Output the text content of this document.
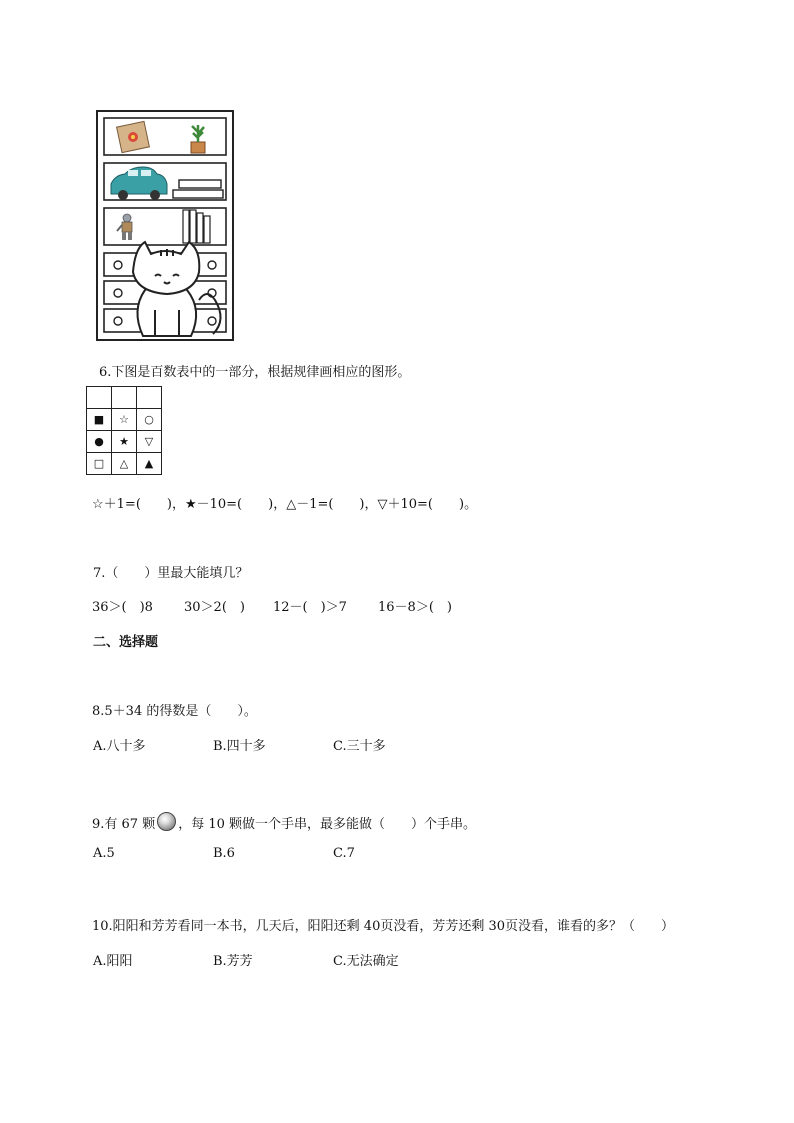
6.下图是百数表中的一部分，根据规律画相应的图形。

■	☆	○
●	★	▽
□	△	▲
☆＋1=(　　)，★－10=(　　)，△－1=(　　)，▽＋10=(　　)。
7.（　　）里最大能填几？
36＞(　)8 30＞2(　) 12－(　)＞7 16－8＞(　)
二、选择题
8.5＋34 的得数是（　　）。
A.八十多	B.四十多	C.三十多
9.有 67 颗 ，每 10 颗做一个手串，最多能做（　　）个手串。
A.5	B.6	C.7
10.阳阳和芳芳看同一本书，几天后，阳阳还剩 40页没看，芳芳还剩 30页没看，谁看的多？（　　）
A.阳阳	B.芳芳	C.无法确定
